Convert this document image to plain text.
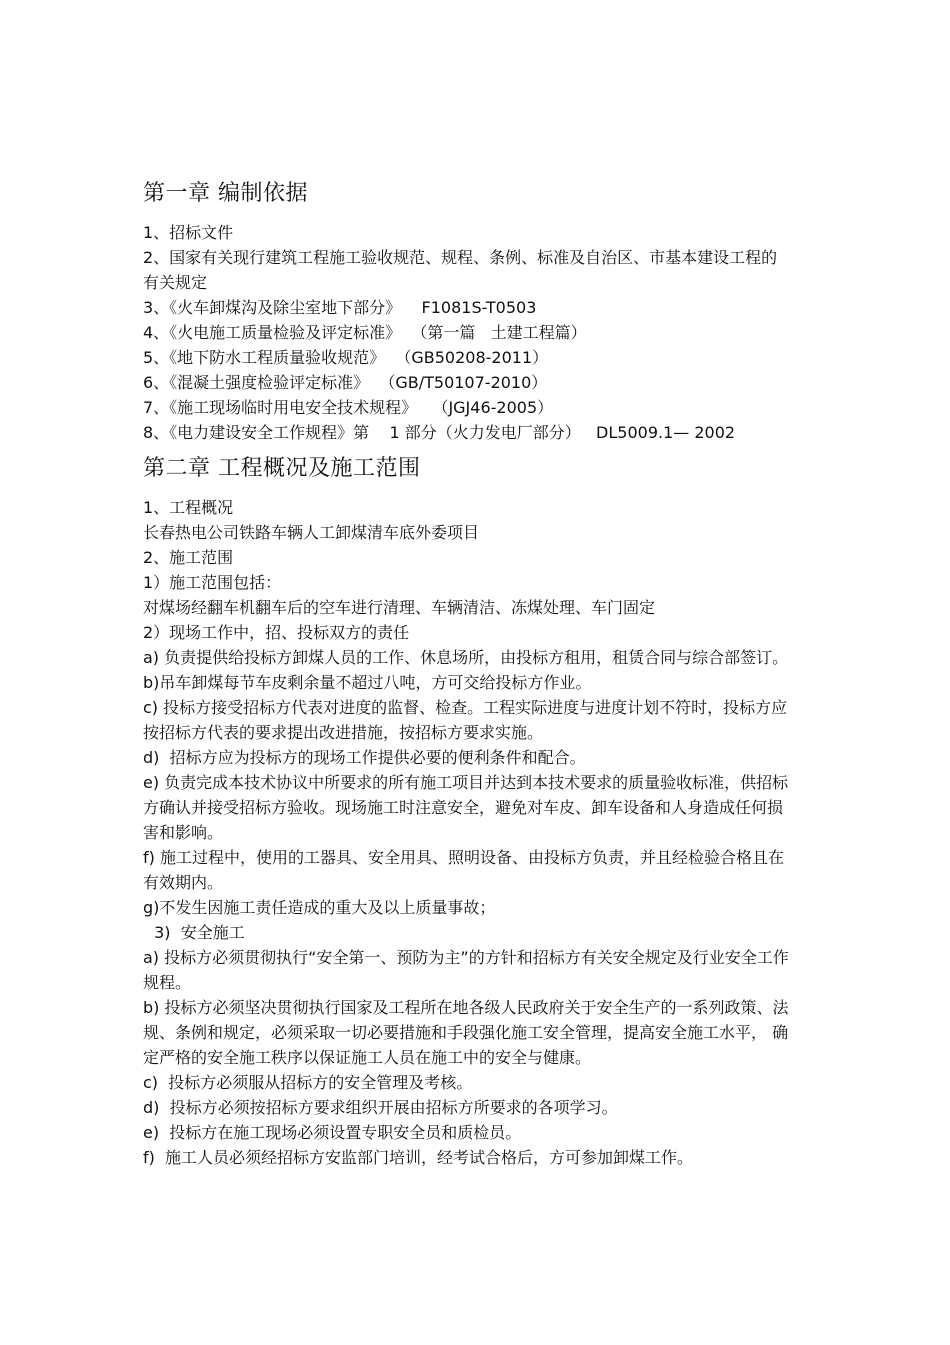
第一章 编制依据

1、招标文件

2、国家有关现行建筑工程施工验收规范、规程、条例、标准及自治区、市基本建设工程的有关规定

3、《火车卸煤沟及除尘室地下部分》    F1081S-T0503

4、《火电施工质量检验及评定标准》  （第一篇   土建工程篇）

5、《地下防水工程质量验收规范》  （GB50208-2011）

6、《混凝土强度检验评定标准》  （GB/T50107-2010）

7、《施工现场临时用电安全技术规程》   （JGJ46-2005）

8、《电力建设安全工作规程》第    1 部分（火力发电厂部分）   DL5009.1— 2002

第二章 工程概况及施工范围

1、工程概况

长春热电公司铁路车辆人工卸煤清车底外委项目

2、施工范围

1）施工范围包括：

对煤场经翻车机翻车后的空车进行清理、车辆清洁、冻煤处理、车门固定

2）现场工作中，招、投标双方的责任

a) 负责提供给投标方卸煤人员的工作、休息场所，由投标方租用，租赁合同与综合部签订。

b)吊车卸煤每节车皮剩余量不超过八吨，方可交给投标方作业。

c) 投标方接受招标方代表对进度的监督、检查。工程实际进度与进度计划不符时，投标方应按招标方代表的要求提出改进措施，按招标方要求实施。

d)  招标方应为投标方的现场工作提供必要的便利条件和配合。

e) 负责完成本技术协议中所要求的所有施工项目并达到本技术要求的质量验收标准，供招标方确认并接受招标方验收。现场施工时注意安全，避免对车皮、卸车设备和人身造成任何损害和影响。

f) 施工过程中，使用的工器具、安全用具、照明设备、由投标方负责，并且经检验合格且在有效期内。

g)不发生因施工责任造成的重大及以上质量事故；

3)  安全施工

a) 投标方必须贯彻执行“安全第一、预防为主”的方针和招标方有关安全规定及行业安全工作规程。

b) 投标方必须坚决贯彻执行国家及工程所在地各级人民政府关于安全生产的一系列政策、法规、条例和规定，必须采取一切必要措施和手段强化施工安全管理，提高安全施工水平， 确定严格的安全施工秩序以保证施工人员在施工中的安全与健康。

c)  投标方必须服从招标方的安全管理及考核。

d)  投标方必须按招标方要求组织开展由招标方所要求的各项学习。

e)  投标方在施工现场必须设置专职安全员和质检员。

f)  施工人员必须经招标方安监部门培训，经考试合格后，方可参加卸煤工作。
